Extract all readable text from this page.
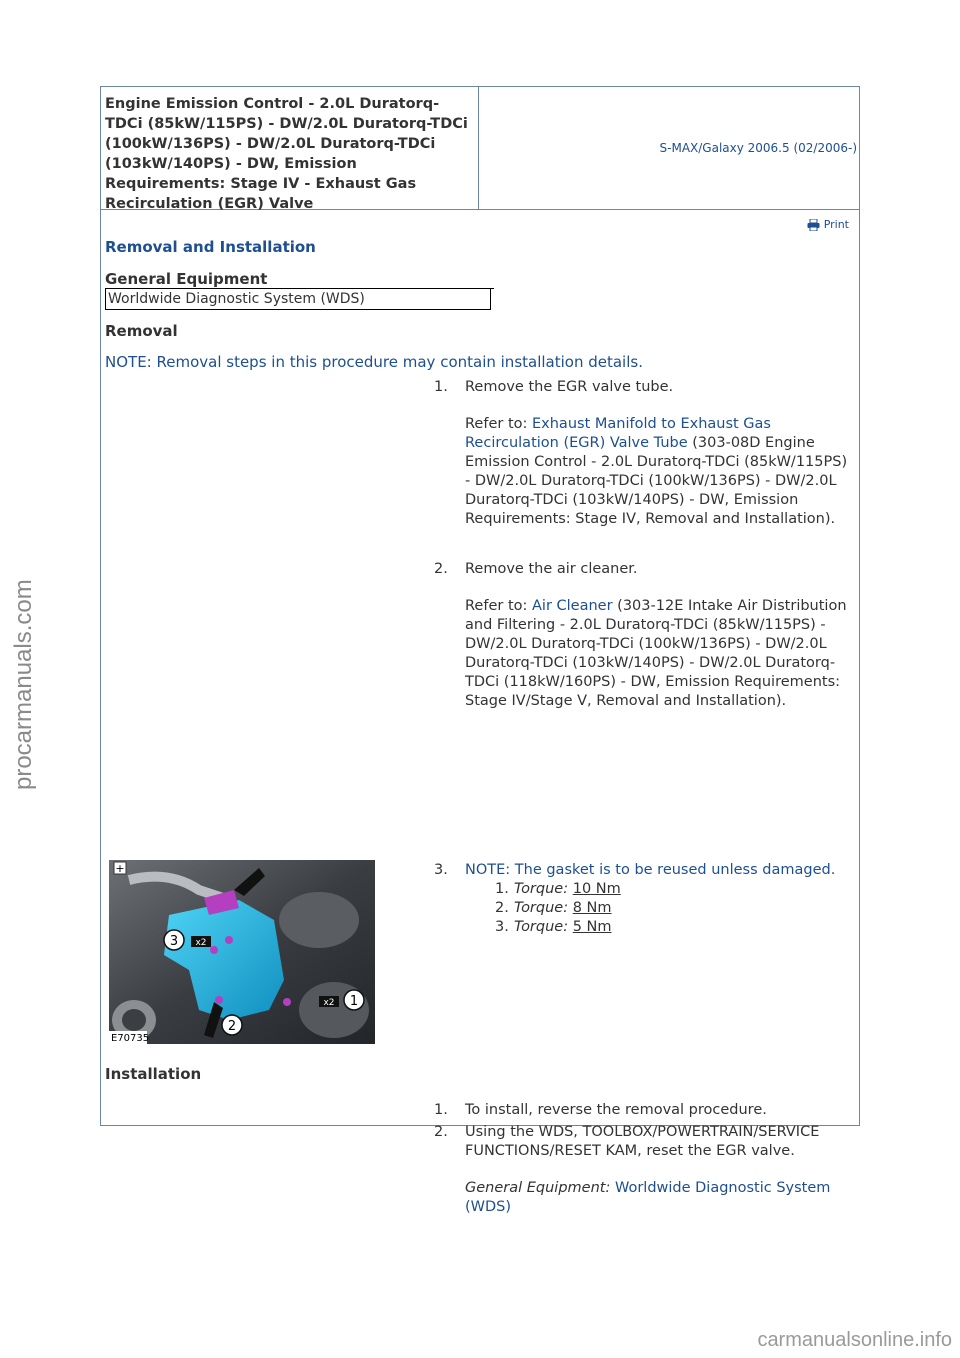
procarmanuals.com
Engine Emission Control - 2.0L Duratorq-TDCi (85kW/115PS) - DW/2.0L Duratorq-TDCi (100kW/136PS) - DW/2.0L Duratorq-TDCi (103kW/140PS) - DW, Emission Requirements: Stage IV - Exhaust Gas Recirculation (EGR) Valve
S-MAX/Galaxy 2006.5 (02/2006-)
Print
Removal and Installation
General Equipment
Worldwide Diagnostic System (WDS)
Removal
NOTE: Removal steps in this procedure may contain installation details.
1. Remove the EGR valve tube.
Refer to: Exhaust Manifold to Exhaust Gas Recirculation (EGR) Valve Tube (303-08D Engine Emission Control - 2.0L Duratorq-TDCi (85kW/115PS) - DW/2.0L Duratorq-TDCi (100kW/136PS) - DW/2.0L Duratorq-TDCi (103kW/140PS) - DW, Emission Requirements: Stage IV, Removal and Installation).
2. Remove the air cleaner.
Refer to: Air Cleaner (303-12E Intake Air Distribution and Filtering - 2.0L Duratorq-TDCi (85kW/115PS) - DW/2.0L Duratorq-TDCi (100kW/136PS) - DW/2.0L Duratorq-TDCi (103kW/140PS) - DW/2.0L Duratorq-TDCi (118kW/160PS) - DW, Emission Requirements: Stage IV/Stage V, Removal and Installation).
+
3 x2
2
1
x2
E70735
3. NOTE: The gasket is to be reused unless damaged.
1. Torque: 10 Nm
2. Torque: 8 Nm
3. Torque: 5 Nm
Installation
1. To install, reverse the removal procedure.
2. Using the WDS, TOOLBOX/POWERTRAIN/SERVICE FUNCTIONS/RESET KAM, reset the EGR valve.
General Equipment: Worldwide Diagnostic System (WDS)
carmanualsonline.info
